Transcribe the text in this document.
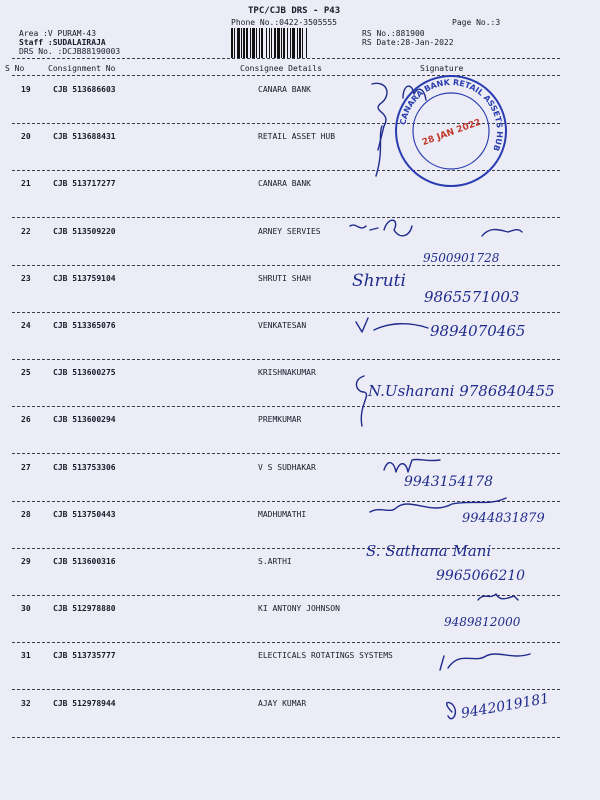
TPC/CJB DRS - P43
Phone No.:0422-3505555	Page No.:3
Area :V PURAM-43
Staff :SUDALAIRAJA
DRS No. :DCJB88190003
RS No.:881900
RS Date:28-Jan-2022
S No	Consignment No	Consignee Details	Signature
19	CJB 513686603	CANARA BANK
20	CJB 513688431	RETAIL ASSET HUB
21	CJB 513717277	CANARA BANK
22	CJB 513509220	ARNEY SERVIES
23	CJB 513759104	SHRUTI SHAH
24	CJB 513365076	VENKATESAN
25	CJB 513600275	KRISHNAKUMAR
26	CJB 513600294	PREMKUMAR
27	CJB 513753306	V S SUDHAKAR
28	CJB 513750443	MADHUMATHI
29	CJB 513600316	S.ARTHI
30	CJB 512978880	KI ANTONY JOHNSON
31	CJB 513735777	ELECTICALS ROTATINGS SYSTEMS
32	CJB 512978944	AJAY KUMAR
CANARA BANK RETAIL ASSETS HUB
28 JAN 2022
9500901728
Shruti
9865571003
9894070465
N.Usharani 9786840455
9943154178
9944831879
S. Sathana Mani
9965066210
9489812000
9442019181
